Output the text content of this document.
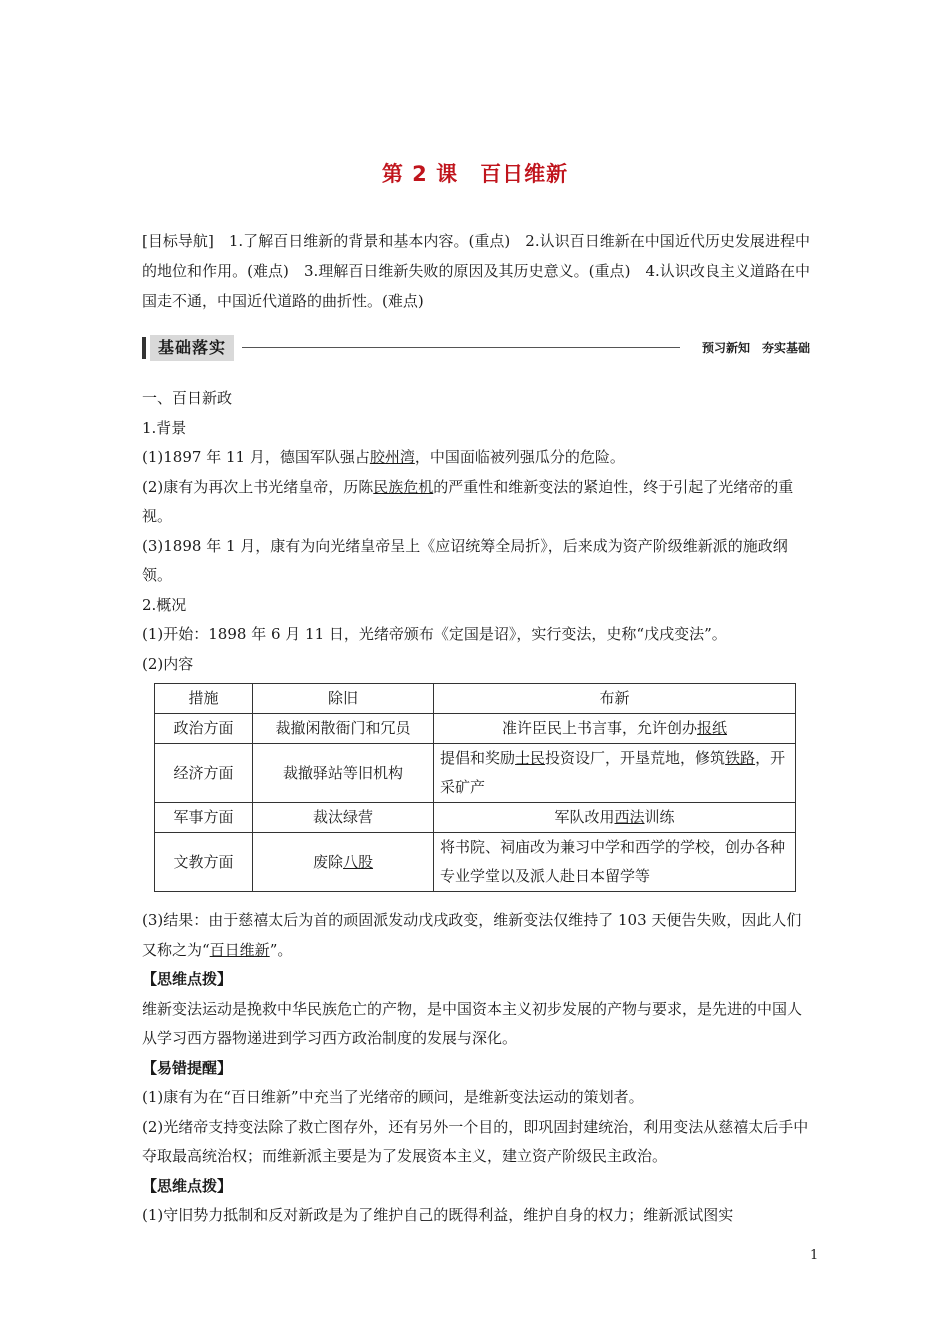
第 2 课　百日维新
[目标导航]　1.了解百日维新的背景和基本内容。(重点)　2.认识百日维新在中国近代历史发展进程中的地位和作用。(难点)　3.理解百日维新失败的原因及其历史意义。(重点)　4.认识改良主义道路在中国走不通，中国近代道路的曲折性。(难点)
基础落实	预习新知　夯实基础

一、百日新政

1.背景

(1)1897 年 11 月，德国军队强占胶州湾，中国面临被列强瓜分的危险。

(2)康有为再次上书光绪皇帝，历陈民族危机的严重性和维新变法的紧迫性，终于引起了光绪帝的重视。

(3)1898 年 1 月，康有为向光绪皇帝呈上《应诏统筹全局折》，后来成为资产阶级维新派的施政纲领。

2.概况

(1)开始：1898 年 6 月 11 日，光绪帝颁布《定国是诏》，实行变法，史称“戊戌变法”。

(2)内容

措施	除旧	布新
政治方面	裁撤闲散衙门和冗员	准许臣民上书言事，允许创办报纸
经济方面	裁撤驿站等旧机构	提倡和奖励士民投资设厂，开垦荒地，修筑铁路，开采矿产
军事方面	裁汰绿营	军队改用西法训练
文教方面	废除八股	将书院、祠庙改为兼习中学和西学的学校，创办各种专业学堂以及派人赴日本留学等

(3)结果：由于慈禧太后为首的顽固派发动戊戌政变，维新变法仅维持了 103 天便告失败，因此人们又称之为“百日维新”。

【思维点拨】

维新变法运动是挽救中华民族危亡的产物，是中国资本主义初步发展的产物与要求，是先进的中国人从学习西方器物递进到学习西方政治制度的发展与深化。

【易错提醒】

(1)康有为在“百日维新”中充当了光绪帝的顾问，是维新变法运动的策划者。

(2)光绪帝支持变法除了救亡图存外，还有另外一个目的，即巩固封建统治，利用变法从慈禧太后手中夺取最高统治权；而维新派主要是为了发展资本主义，建立资产阶级民主政治。

【思维点拨】

(1)守旧势力抵制和反对新政是为了维护自己的既得利益，维护自身的权力；维新派试图实

1
